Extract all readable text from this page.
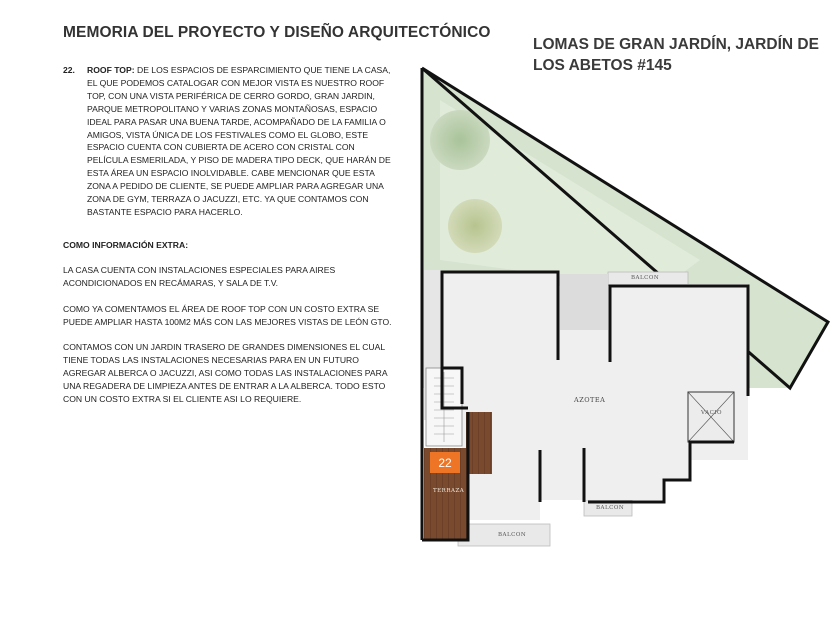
MEMORIA DEL PROYECTO Y DISEÑO ARQUITECTÓNICO
LOMAS DE GRAN JARDÍN, JARDÍN DE LOS ABETOS #145
22. ROOF TOP: DE LOS ESPACIOS DE ESPARCIMIENTO QUE TIENE LA CASA, EL QUE PODEMOS CATALOGAR CON MEJOR VISTA ES NUESTRO ROOF TOP, CON UNA VISTA PERIFÉRICA DE CERRO GORDO, GRAN JARDIN, PARQUE METROPOLITANO Y VARIAS ZONAS MONTAÑOSAS, ESPACIO IDEAL PARA PASAR UNA BUENA TARDE, ACOMPAÑADO DE LA FAMILIA O AMIGOS, VISTA ÚNICA DE LOS FESTIVALES COMO EL GLOBO, ESTE ESPACIO CUENTA CON CUBIERTA DE ACERO CON CRISTAL CON PELÍCULA ESMERILADA, Y PISO DE MADERA TIPO DECK, QUE HARÁN DE ESTA ÁREA UN ESPACIO INOLVIDABLE. CABE MENCIONAR QUE ESTA ZONA A PEDIDO DE CLIENTE, SE PUEDE AMPLIAR PARA AGREGAR UNA ZONA DE GYM, TERRAZA O JACUZZI, ETC. YA QUE CONTAMOS CON BASTANTE ESPACIO PARA HACERLO.
COMO INFORMACIÓN EXTRA:

LA CASA CUENTA CON INSTALACIONES ESPECIALES PARA AIRES ACONDICIONADOS EN RECÁMARAS, Y SALA DE T.V.

COMO YA COMENTAMOS EL ÁREA DE ROOF TOP CON UN COSTO EXTRA SE PUEDE AMPLIAR HASTA 100M2 MÁS CON LAS MEJORES VISTAS DE LEÓN GTO.

CONTAMOS CON UN JARDIN TRASERO DE GRANDES DIMENSIONES EL CUAL TIENE TODAS LAS INSTALACIONES NECESARIAS PARA EN UN FUTURO AGREGAR ALBERCA O JACUZZI, ASI COMO TODAS LAS INSTALACIONES PARA UNA REGADERA DE LIMPIEZA ANTES DE ENTRAR A LA ALBERCA. TODO ESTO CON UN COSTO EXTRA SI EL CLIENTE ASI LO REQUIERE.

BALCON
AZOTEA
VACIO
TERRAZA
BALCON
BALCON
22
